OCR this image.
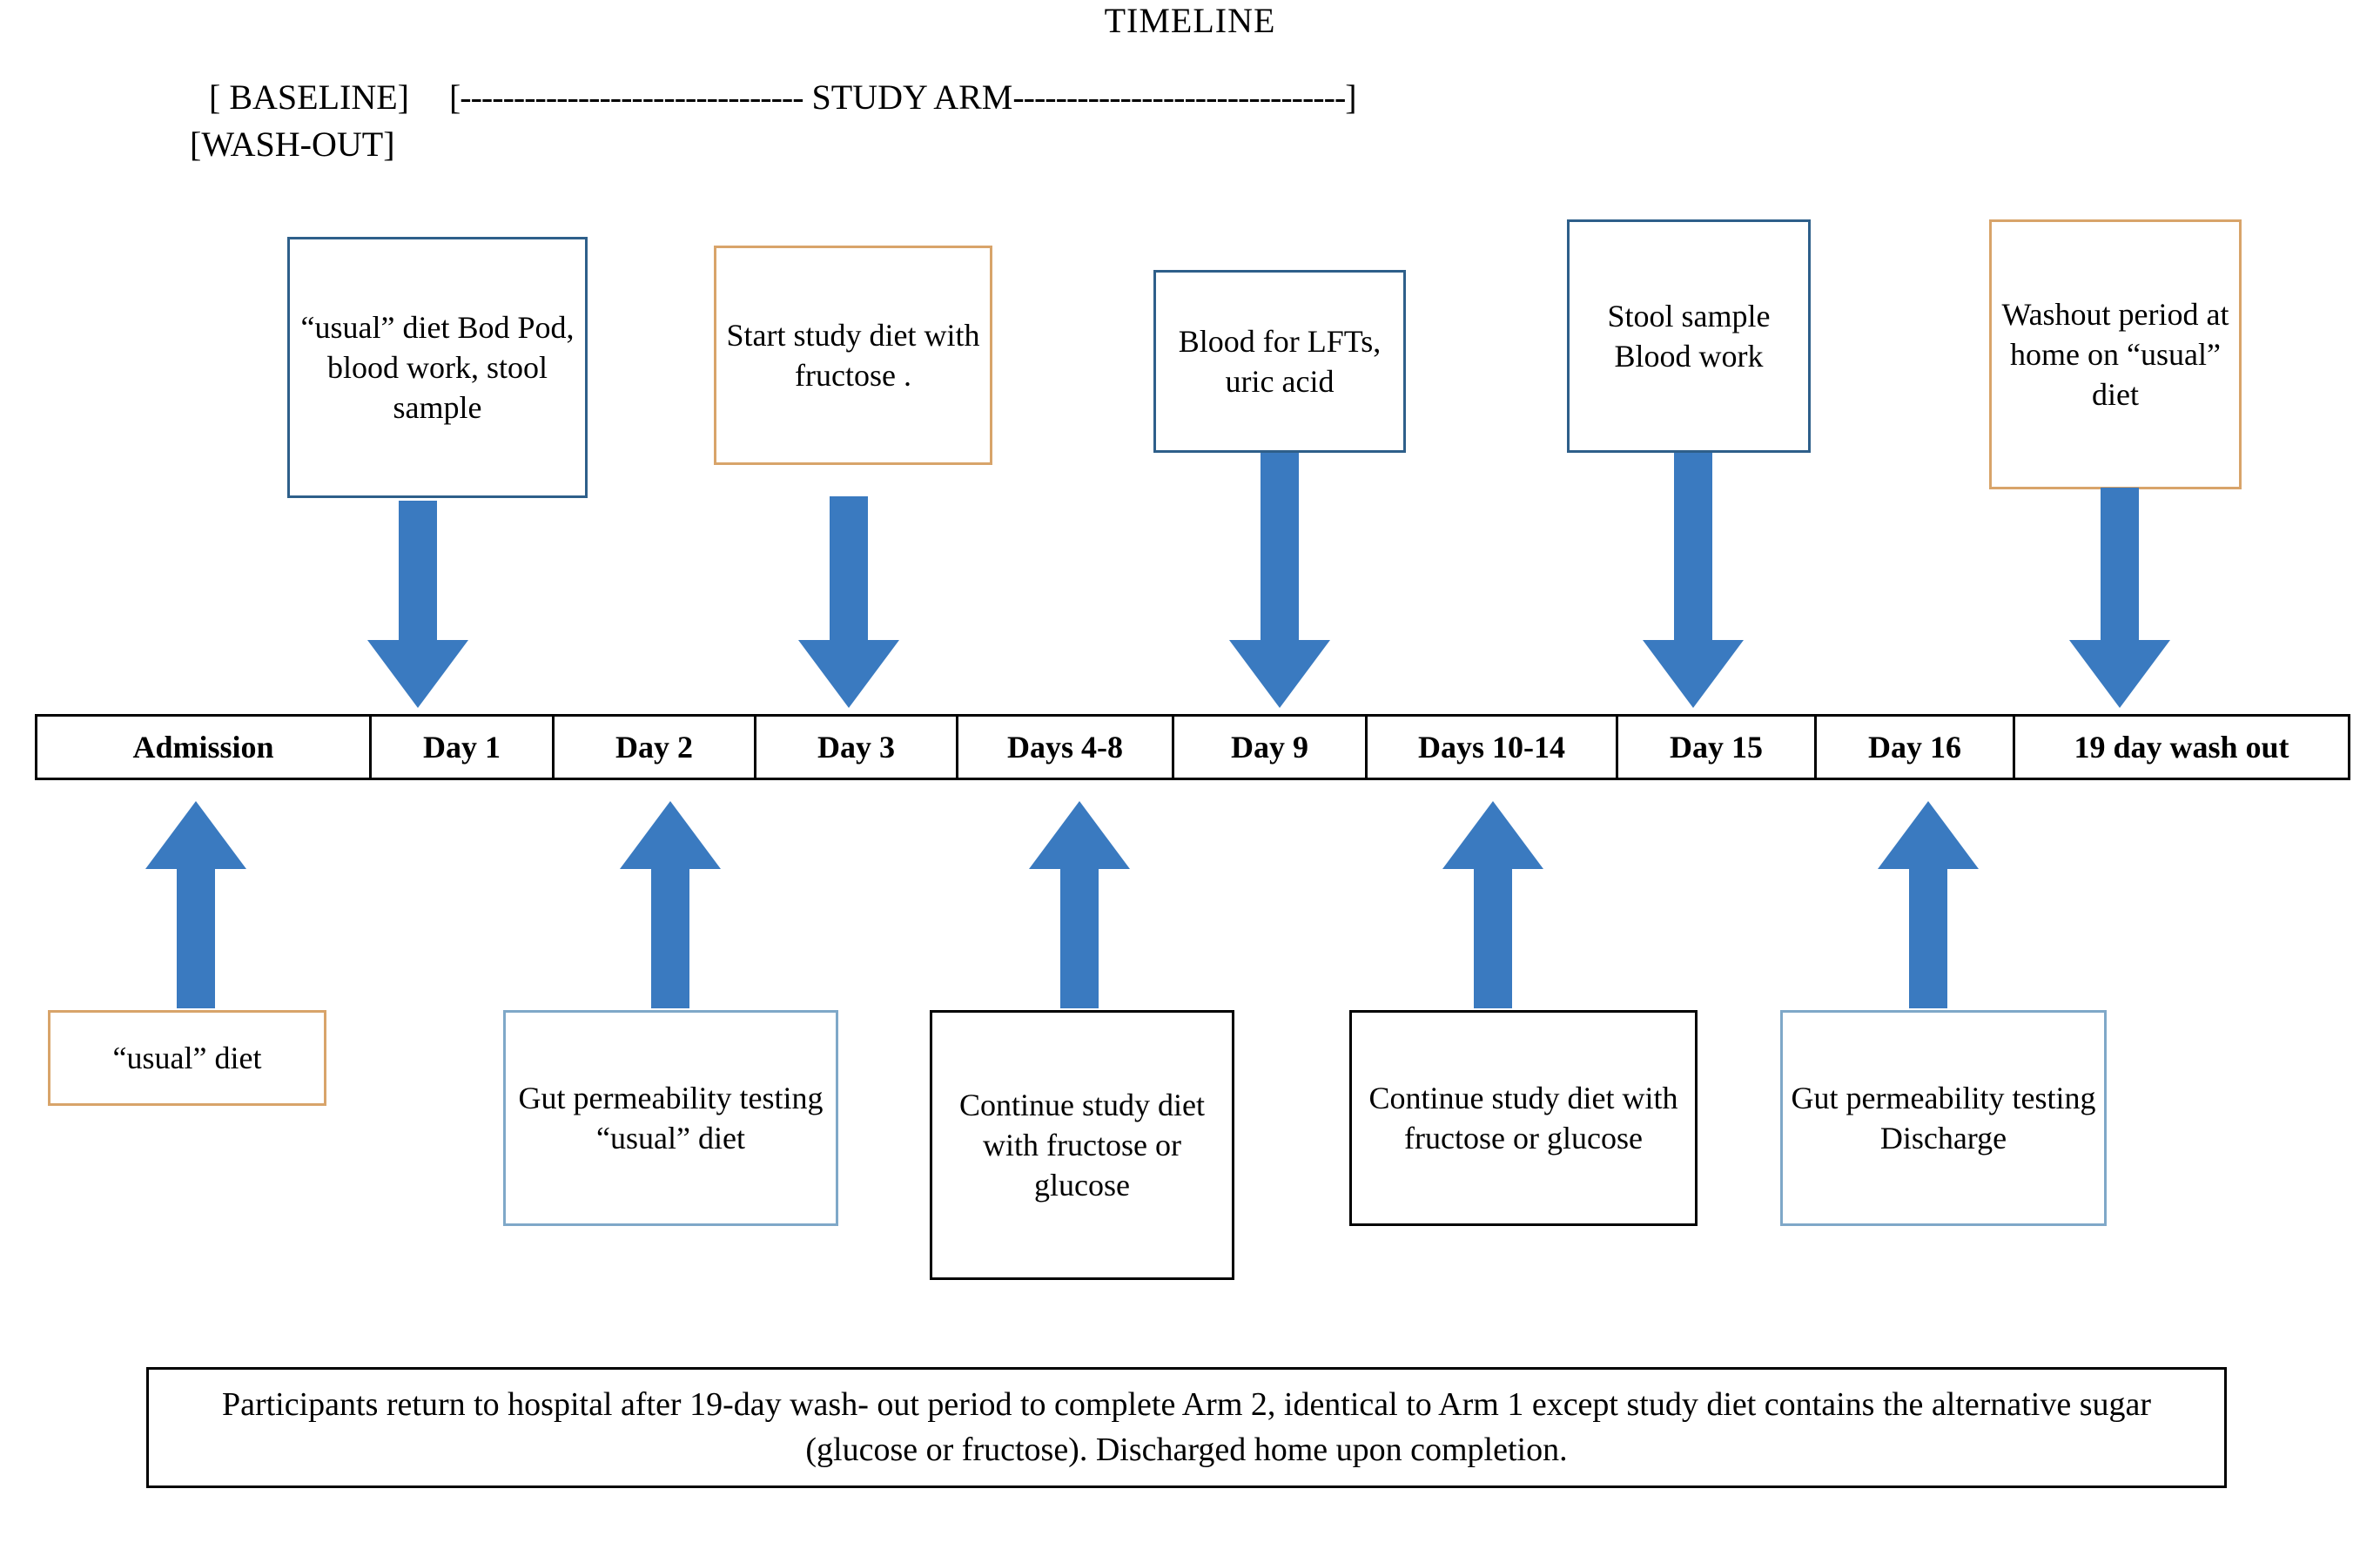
TIMELINE
[ BASELINE] [-------------------------------- STUDY ARM-------------------------------]
[WASH-OUT]
“usual” diet Bod Pod, blood work, stool sample
Start study diet with fructose .
Blood for LFTs, uric acid
Stool sample Blood work
Washout period at home on “usual” diet
Admission	Day 1	Day 2	Day 3	Days 4-8	Day 9	Days 10-14	Day 15	Day 16	19 day wash out
“usual” diet
Gut permeability testing “usual” diet
Continue study diet with fructose or glucose
Continue study diet with fructose or glucose
Gut permeability testing Discharge
Participants return to hospital after 19-day wash- out period to complete Arm 2, identical to Arm 1 except study diet contains the alternative sugar (glucose or fructose). Discharged home upon completion.
